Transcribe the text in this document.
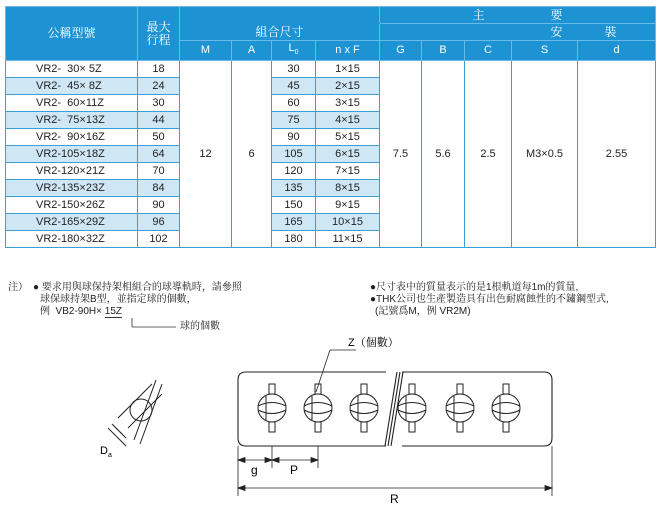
公稱型號	最大
行程					主 要				
		組合尺寸				安 裝				
		M	A	$L_0$	n x F	G	B	C	S	d
VR2-  30× 5Z	18	12	6	30	1×15	7.5	5.6	2.5	M3×0.5	2.55
VR2-  45× 8Z	24			45	2×15					
VR2-  60×11Z	30			60	3×15					
VR2-  75×13Z	44			75	4×15					
VR2-  90×16Z	50			90	5×15					
VR2-105×18Z	64			105	6×15					
VR2-120×21Z	70			120	7×15					
VR2-135×23Z	84			135	8×15					
VR2-150×26Z	90			150	9×15					
VR2-165×29Z	96			165	10×15					
VR2-180×32Z	102			180	11×15					
注） ● 要求用與球保持架相組合的球導軌時，請參照
球保球持架B型，並指定球的個數，
例  VB2-90H× 15Z
球的個數
●尺寸表中的質量表示的是1根軌道每1m的質量,
●THK公司也生產製造具有出色耐腐蝕性的不鏽鋼型式,
(記號爲M，例 VR2M)
$D_a$
Z（個數）
g	P
R
